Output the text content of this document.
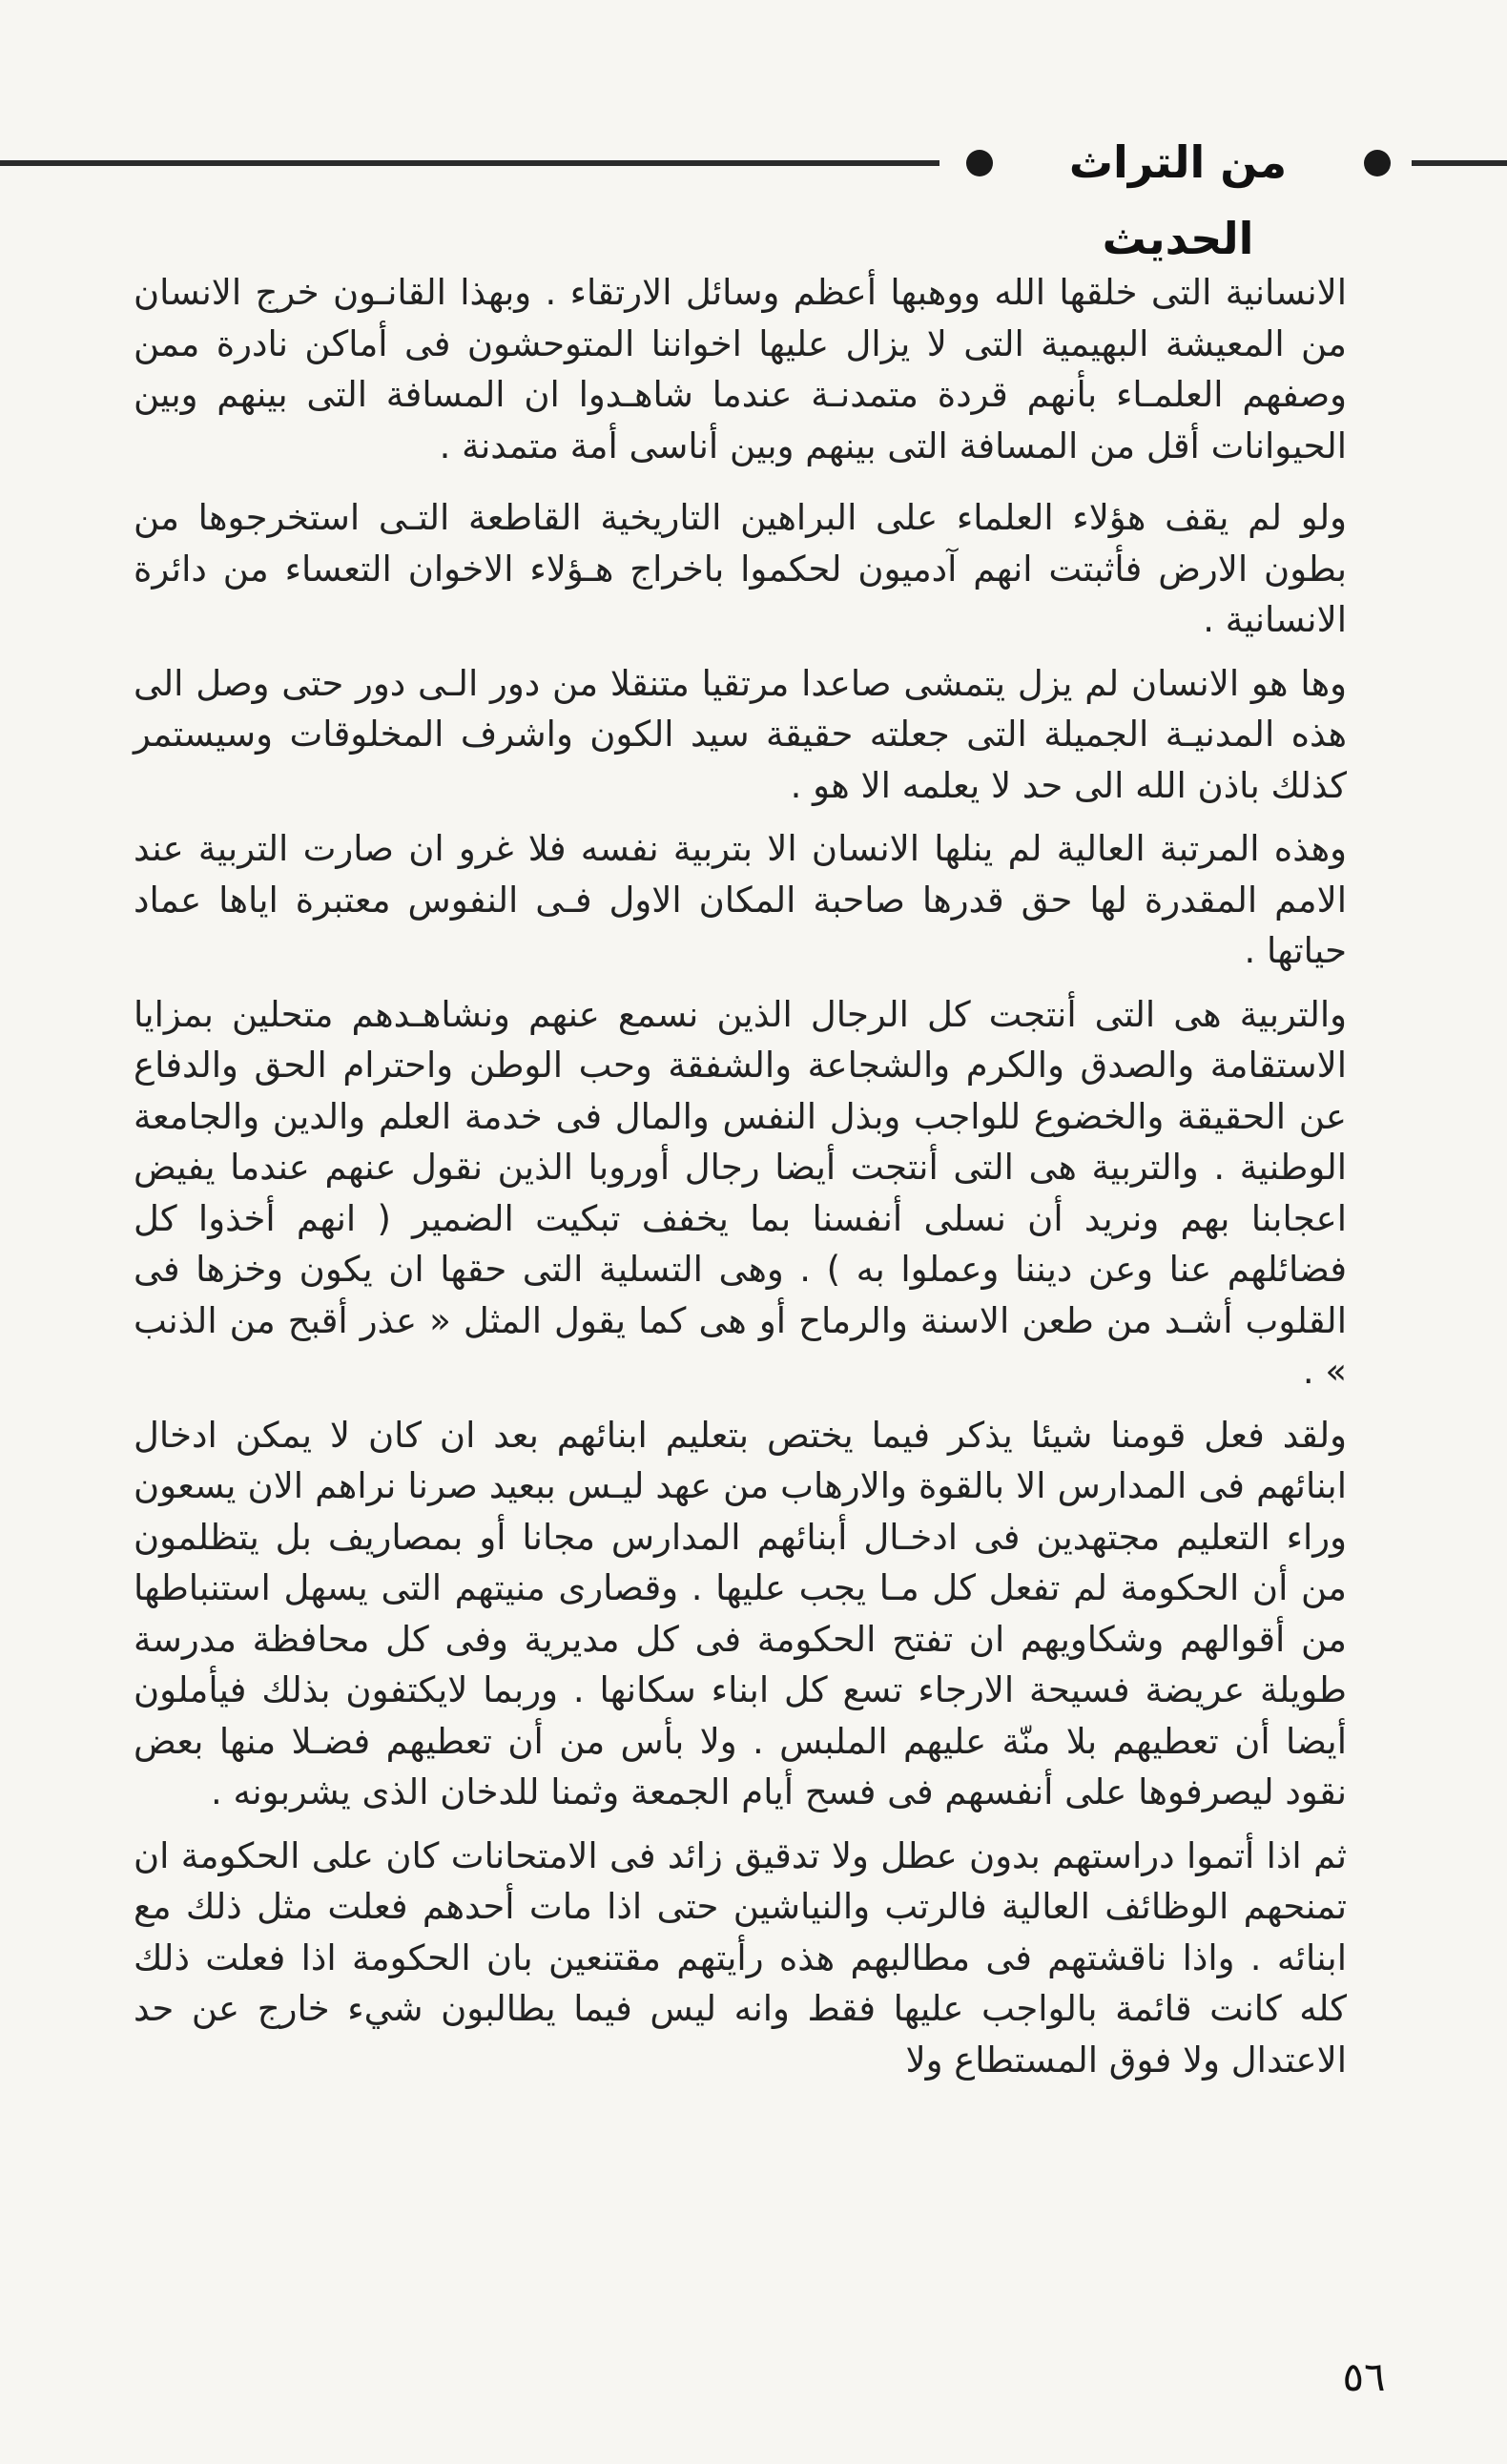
من التراث الحديث

الانسانية التى خلقها الله ووهبها أعظم وسائل الارتقاء . وبهذا القانـون خرج الانسان من المعيشة البهيمية التى لا يزال عليها اخواننا المتوحشون فى أماكن نادرة ممن وصفهم العلمـاء بأنهم قردة متمدنـة عندما شاهـدوا ان المسافة التى بينهم وبين الحيوانات أقل من المسافة التى بينهم وبين أناسى أمة متمدنة .

ولو لم يقف هؤلاء العلماء على البراهين التاريخية القاطعة التـى استخرجوها من بطون الارض فأثبتت انهم آدميون لحكموا باخراج هـؤلاء الاخوان التعساء من دائرة الانسانية .

وها هو الانسان لم يزل يتمشى صاعدا مرتقيا متنقلا من دور الـى دور حتى وصل الى هذه المدنيـة الجميلة التى جعلته حقيقة سيد الكون واشرف المخلوقات وسيستمر كذلك باذن الله الى حد لا يعلمه الا هو .

وهذه المرتبة العالية لم ينلها الانسان الا بتربية نفسه فلا غرو ان صارت التربية عند الامم المقدرة لها حق قدرها صاحبة المكان الاول فـى النفوس معتبرة اياها عماد حياتها .

والتربية هى التى أنتجت كل الرجال الذين نسمع عنهم ونشاهـدهم متحلين بمزايا الاستقامة والصدق والكرم والشجاعة والشفقة وحب الوطن واحترام الحق والدفاع عن الحقيقة والخضوع للواجب وبذل النفس والمال فى خدمة العلم والدين والجامعة الوطنية . والتربية هى التى أنتجت أيضا رجال أوروبا الذين نقول عنهم عندما يفيض اعجابنا بهم ونريد أن نسلى أنفسنا بما يخفف تبكيت الضمير ( انهم أخذوا كل فضائلهم عنا وعن ديننا وعملوا به ) . وهى التسلية التى حقها ان يكون وخزها فى القلوب أشـد من طعن الاسنة والرماح أو هى كما يقول المثل « عذر أقبح من الذنب » .

ولقد فعل قومنا شيئا يذكر فيما يختص بتعليم ابنائهم بعد ان كان لا يمكن ادخال ابنائهم فى المدارس الا بالقوة والارهاب من عهد ليـس ببعيد صرنا نراهم الان يسعون وراء التعليم مجتهدين فى ادخـال أبنائهم المدارس مجانا أو بمصاريف بل يتظلمون من أن الحكومة لم تفعل كل مـا يجب عليها . وقصارى منيتهم التى يسهل استنباطها من أقوالهم وشكاويهم ان تفتح الحكومة فى كل مديرية وفى كل محافظة مدرسة طويلة عريضة فسيحة الارجاء تسع كل ابناء سكانها . وربما لايكتفون بذلك فيأملون أيضا أن تعطيهم بلا منّة عليهم الملبس . ولا بأس من أن تعطيهم فضـلا منها بعض نقود ليصرفوها على أنفسهم فى فسح أيام الجمعة وثمنا للدخان الذى يشربونه .

ثم اذا أتموا دراستهم بدون عطل ولا تدقيق زائد فى الامتحانات كان على الحكومة ان تمنحهم الوظائف العالية فالرتب والنياشين حتى اذا مات أحدهم فعلت مثل ذلك مع ابنائه . واذا ناقشتهم فى مطالبهم هذه رأيتهم مقتنعين بان الحكومة اذا فعلت ذلك كله كانت قائمة بالواجب عليها فقط وانه ليس فيما يطالبون شيء خارج عن حد الاعتدال ولا فوق المستطاع ولا

٥٦
